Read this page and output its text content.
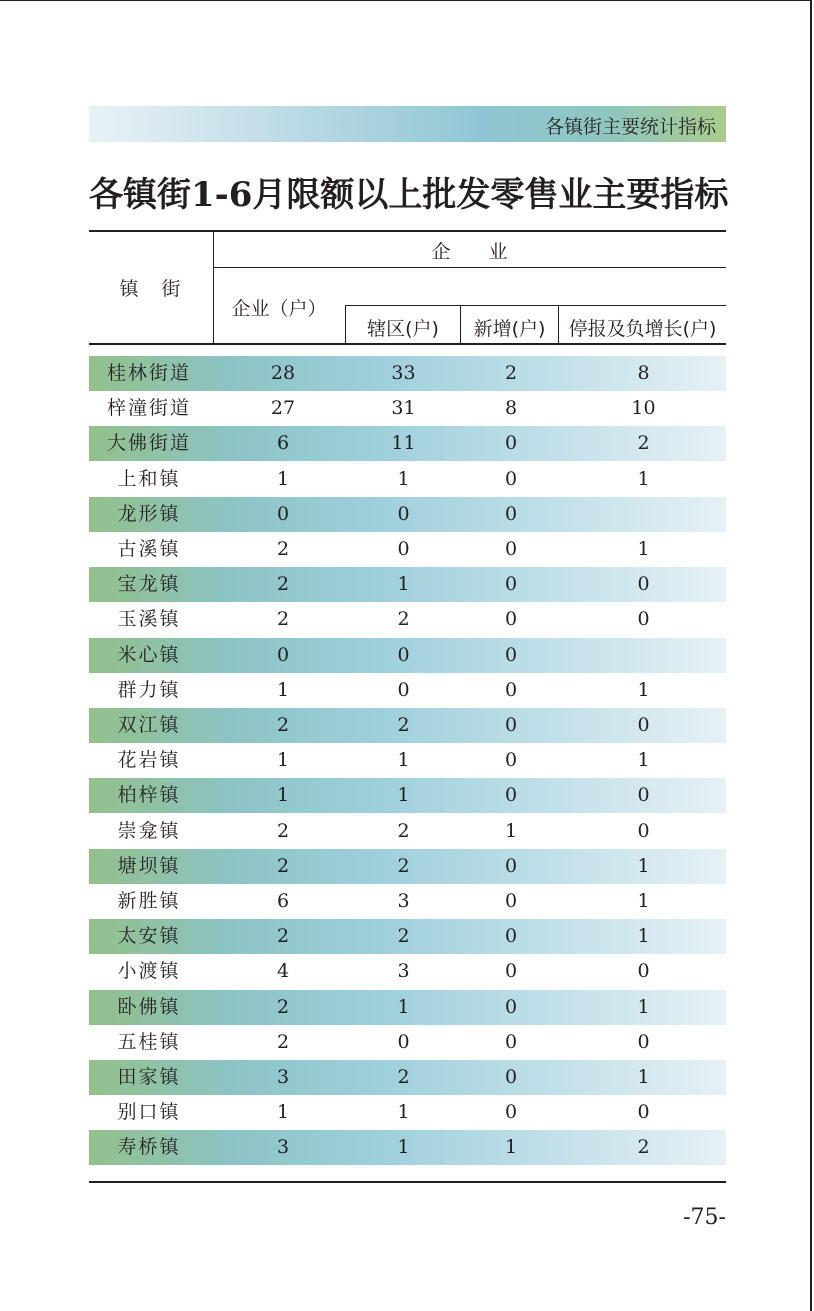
各镇街主要统计指标
各镇街1-6月限额以上批发零售业主要指标
镇　街
企　　业
企业（户）
辖区(户)	新增(户)	停报及负增长(户)
桂林街道	28	33	2	8
梓潼街道	27	31	8	10
大佛街道	6	11	0	2
上和镇	1	1	0	1
龙形镇	0	0	0
古溪镇	2	0	0	1
宝龙镇	2	1	0	0
玉溪镇	2	2	0	0
米心镇	0	0	0
群力镇	1	0	0	1
双江镇	2	2	0	0
花岩镇	1	1	0	1
柏梓镇	1	1	0	0
崇龛镇	2	2	1	0
塘坝镇	2	2	0	1
新胜镇	6	3	0	1
太安镇	2	2	0	1
小渡镇	4	3	0	0
卧佛镇	2	1	0	1
五桂镇	2	0	0	0
田家镇	3	2	0	1
别口镇	1	1	0	0
寿桥镇	3	1	1	2
-75-
